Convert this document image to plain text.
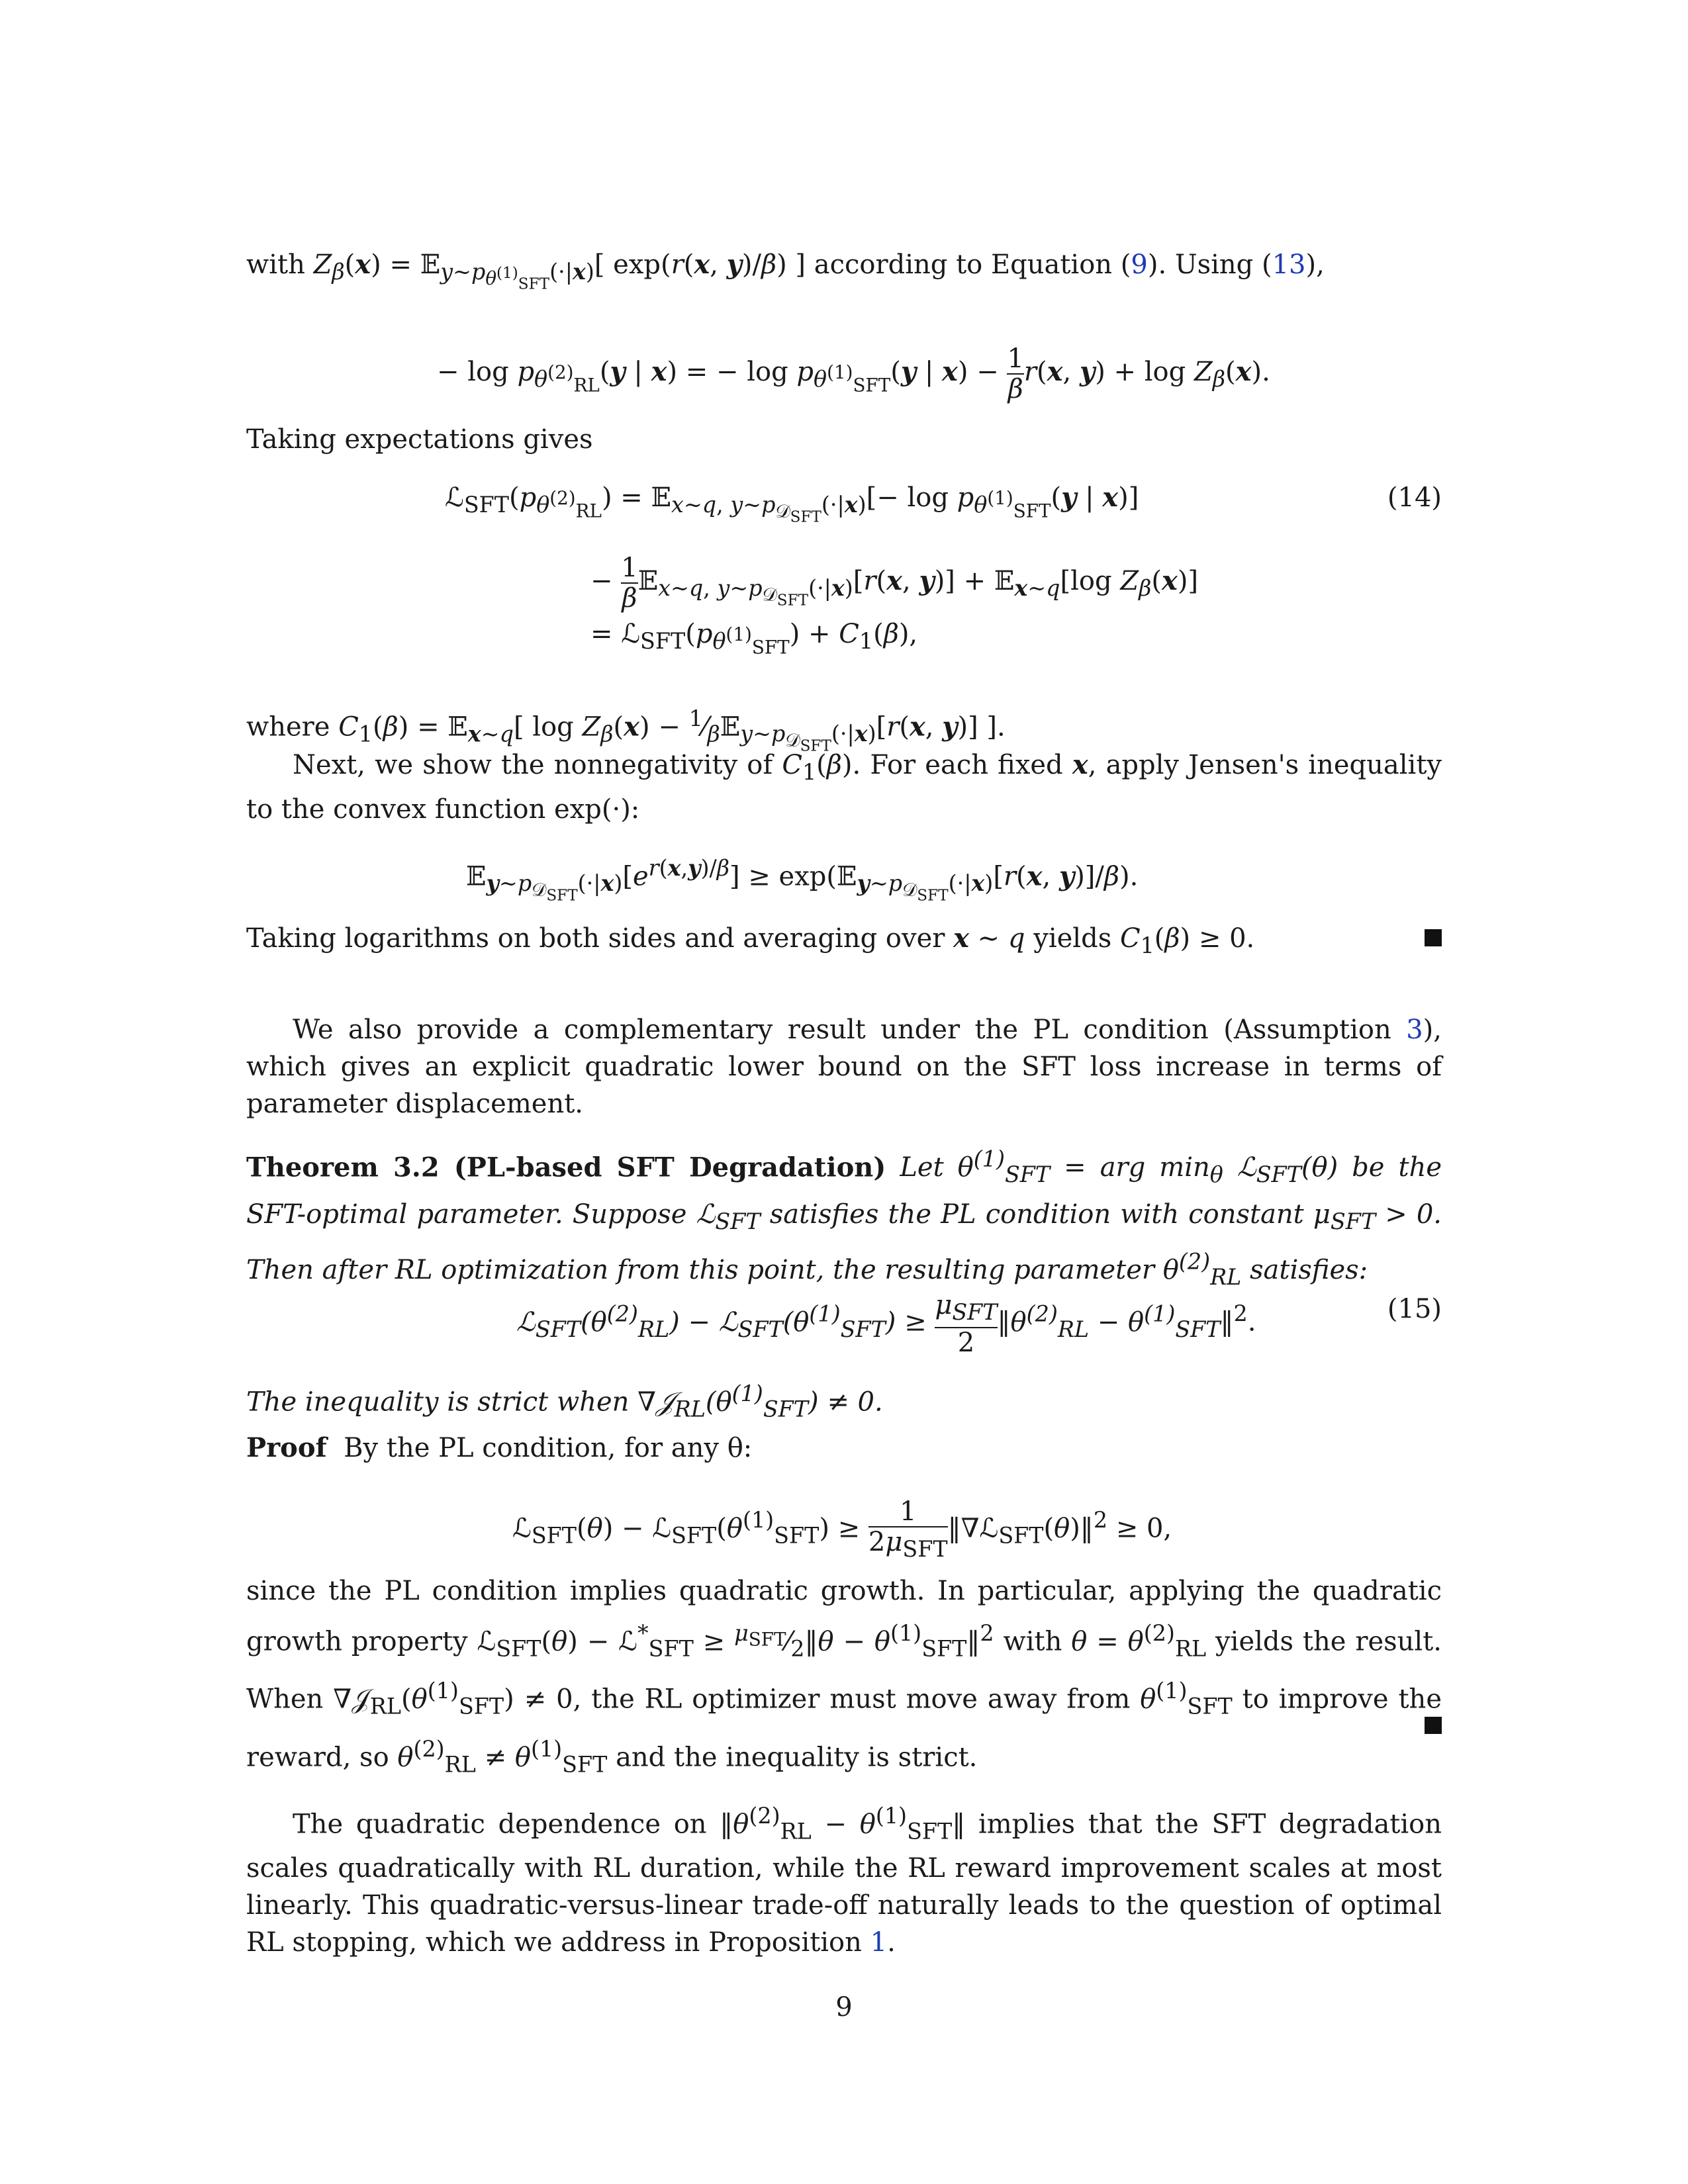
with $Z_\beta(x)$ = 𝔼$_{y\sim p_{\theta^{(1)}_{SFT}}(\cdot|x)}$[ exp(r(x, y)/β) ] according to Equation (9). Using (13),
− $\log p_{\theta^{(2)}_{RL}}(y$ | x) = − $\log p_{\theta^{(1)}_{SFT}}(y$ | $x) - \frac{1}{\beta} r(x$, $y) + \log Z_\beta(x)$.
Taking expectations gives
$ℒ_{SFT}(p_{\theta^{(2)}_{RL}})$ = 𝔼$_{x\sim q, y\sim p_{𝒟_{SFT}}(\cdot|x)}$[− $\log p_{\theta^{(1)}_{SFT}}(y$ | x)]	(14)
− $\frac{1}{\beta}$ 𝔼$_{x\sim q, y\sim p_{𝒟_{SFT}}(\cdot|x)}$[r(x, y)] + 𝔼$_{x\sim q}$[log $Z_\beta(x)$]
= $ℒ_{SFT}(p_{\theta^{(1)}_{SFT}}) + C_1(\beta)$,
where $C_1(\beta)$ = 𝔼$_{x\sim q}$[ $\log Z_\beta(x)$ − $^1⁄_\beta 𝔼_{y\sim p_{𝒟_{SFT}}(\cdot|x)}[r(x$, y)] ].
Next, we show the nonnegativity of $C_1(\beta)$. For each fixed x, apply Jensen's inequality to the convex function exp(·):
$𝔼_{y\sim p_{𝒟_{SFT}}(\cdot|x)}[e^{r(x,y)/\beta}]$ ≥ exp(𝔼$_{y\sim p_{𝒟_{SFT}}(\cdot|x)}$[r(x, y)]/β).
Taking logarithms on both sides and averaging over x ∼ q yields $C_1(\beta) \ge 0$.
We also provide a complementary result under the PL condition (Assumption 3), which gives an explicit quadratic lower bound on the SFT loss increase in terms of parameter displacement.
Theorem 3.2 (PL-based SFT Degradation) Let $\theta^{(1)}_{SFT}$ = arg $\min_\theta$ ℒ$_{SFT}$(θ) be the SFT-optimal parameter. Suppose ℒ$_{SFT}$ satisfies the PL condition with constant $\mu_{SFT} > 0$. Then after RL optimization from this point, the resulting parameter $\theta^{(2)}_{RL}$ satisfies:
$ℒ_{SFT}(\theta^{(2)}_{RL})$ − $ℒ_{SFT}(\theta^{(1)}_{SFT})$ ≥
$\mu_{SFT}$
2
$‖\theta^{(2)}_{RL}$ − $\theta^{(1)}_{SFT}‖^2$.	(15)
The inequality is strict when $\nabla 𝒥_{RL}(\theta^{(1)}_{SFT}) \ne 0$.
Proof By the PL condition, for any θ:
ℒ$_{SFT}$(θ) − $ℒ_{SFT}(\theta^{(1)}_{SFT})$ ≥
1
$2\mu_{SFT}$
‖∇ℒ$_{SFT}$(θ)‖$^2$ ≥ 0,
since the PL condition implies quadratic growth. In particular, applying the quadratic growth property ℒ$_{SFT}$(θ) − ℒ*$_{SFT}$ ≥ $^{\mu_{SFT}}⁄_2‖\theta$ − $\theta^{(1)}_{SFT}‖^2$ with $\theta = \theta^{(2)}_{RL}$ yields the result. When $\nabla 𝒥_{RL}(\theta^{(1)}_{SFT}) \ne 0$, the RL optimizer must move away from $\theta^{(1)}_{SFT}$ to improve the reward, so $\theta^{(2)}_{RL} \ne \theta^{(1)}_{SFT}$ and the inequality is strict.
The quadratic dependence on $‖\theta^{(2)}_{RL}$ − $\theta^{(1)}_{SFT}‖$ implies that the SFT degradation scales quadratically with RL duration, while the RL reward improvement scales at most linearly. This quadratic-versus-linear trade-off naturally leads to the question of optimal RL stopping, which we address in Proposition 1.
9
